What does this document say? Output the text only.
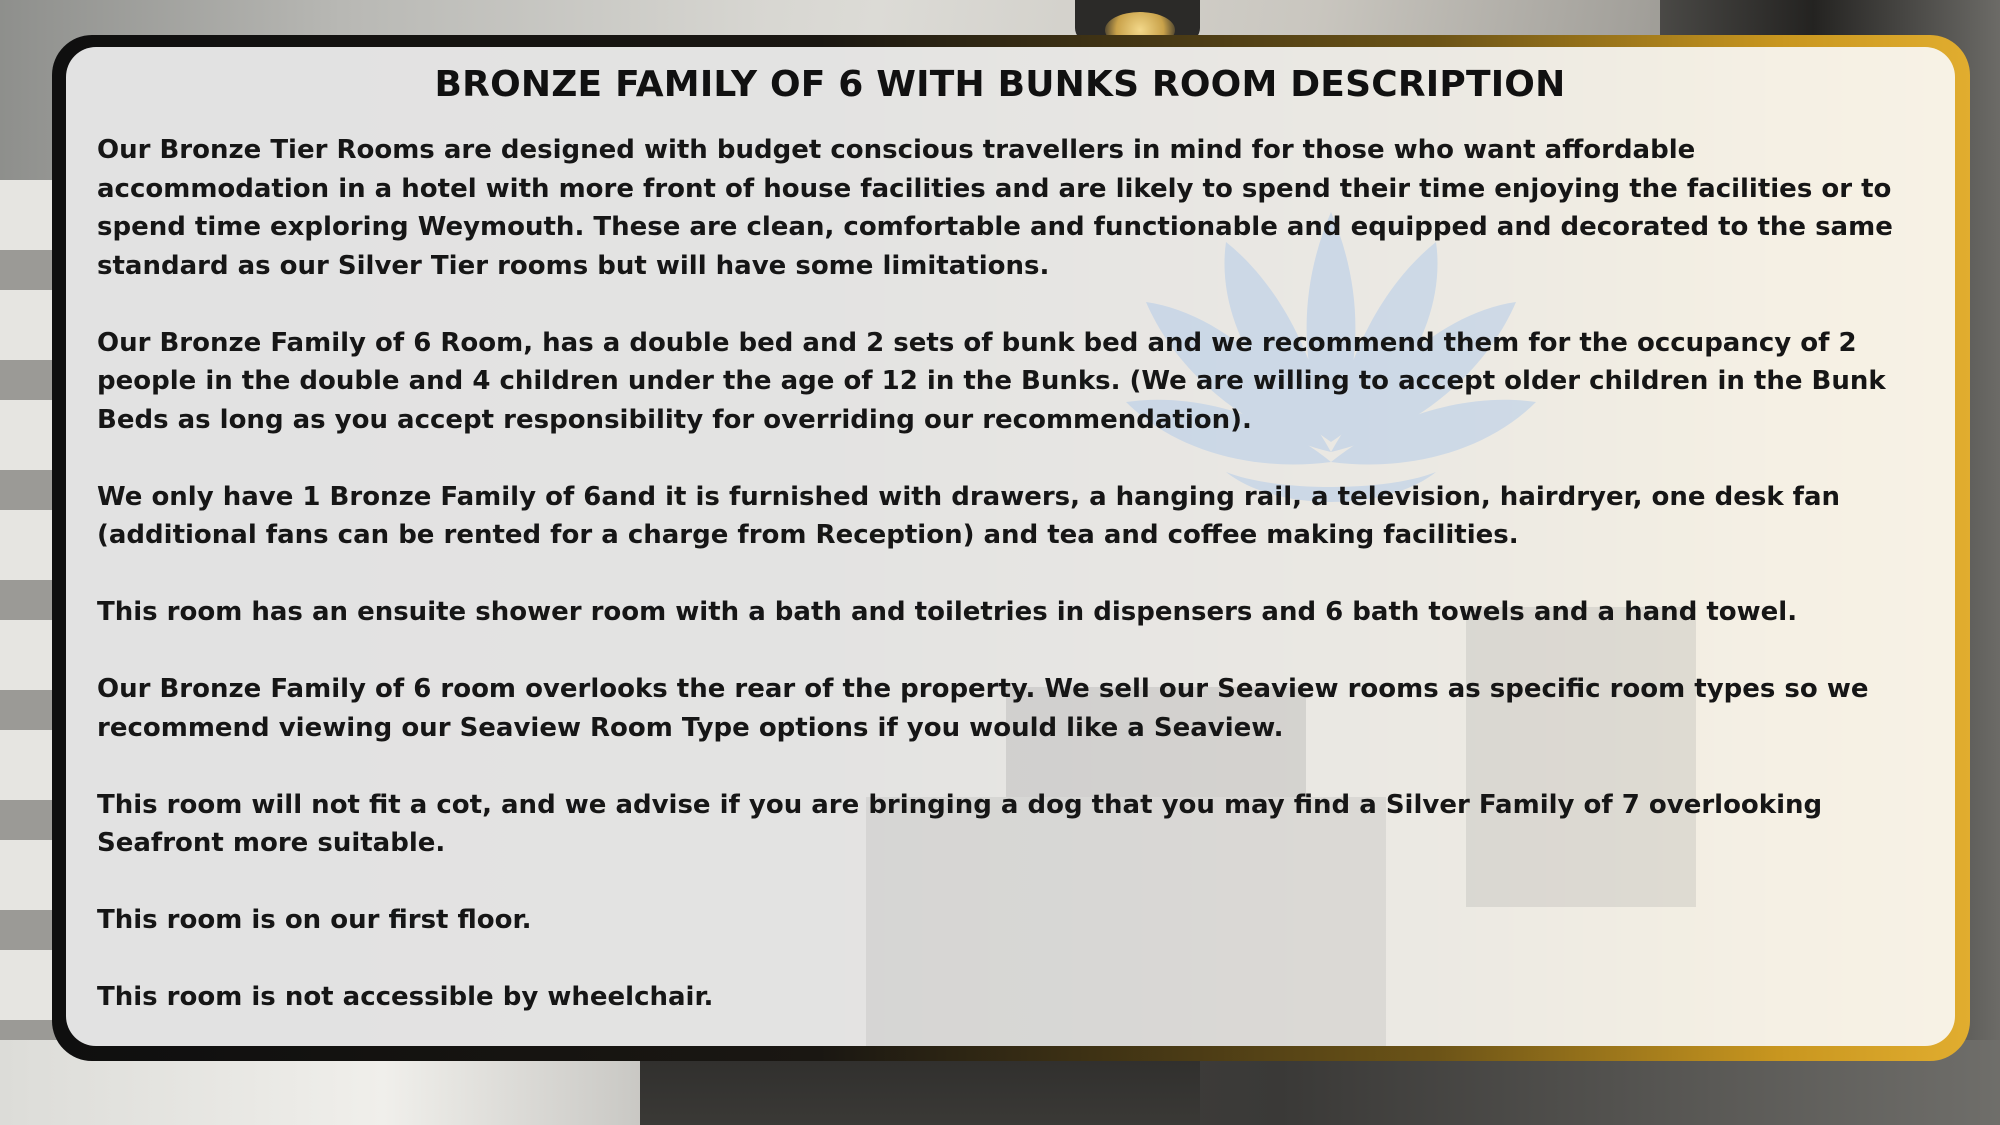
BRONZE FAMILY OF 6 WITH BUNKS ROOM DESCRIPTION

Our Bronze Tier Rooms are designed with budget conscious travellers in mind for those who want affordable accommodation in a hotel with more front of house facilities and are likely to spend their time enjoying the facilities or to spend time exploring Weymouth. These are clean, comfortable and functionable and equipped and decorated to the same standard as our Silver Tier rooms but will have some limitations.

Our Bronze Family of 6 Room, has a double bed and 2 sets of bunk bed and we recommend them for the occupancy of 2 people in the double and 4 children under the age of 12 in the Bunks. (We are willing to accept older children in the Bunk Beds as long as you accept responsibility for overriding our recommendation).

We only have 1 Bronze Family of 6and it is furnished with drawers, a hanging rail, a television, hairdryer, one desk fan (additional fans can be rented for a charge from Reception) and tea and coffee making facilities.

This room has an ensuite shower room with a bath and toiletries in dispensers and 6 bath towels and a hand towel.

Our Bronze Family of 6 room overlooks the rear of the property. We sell our Seaview rooms as specific room types so we recommend viewing our Seaview Room Type options if you would like a Seaview.

This room will not fit a cot, and we advise if you are bringing a dog that you may find a Silver Family of 7 overlooking Seafront more suitable.

This room is on our first floor.

This room is not accessible by wheelchair.
